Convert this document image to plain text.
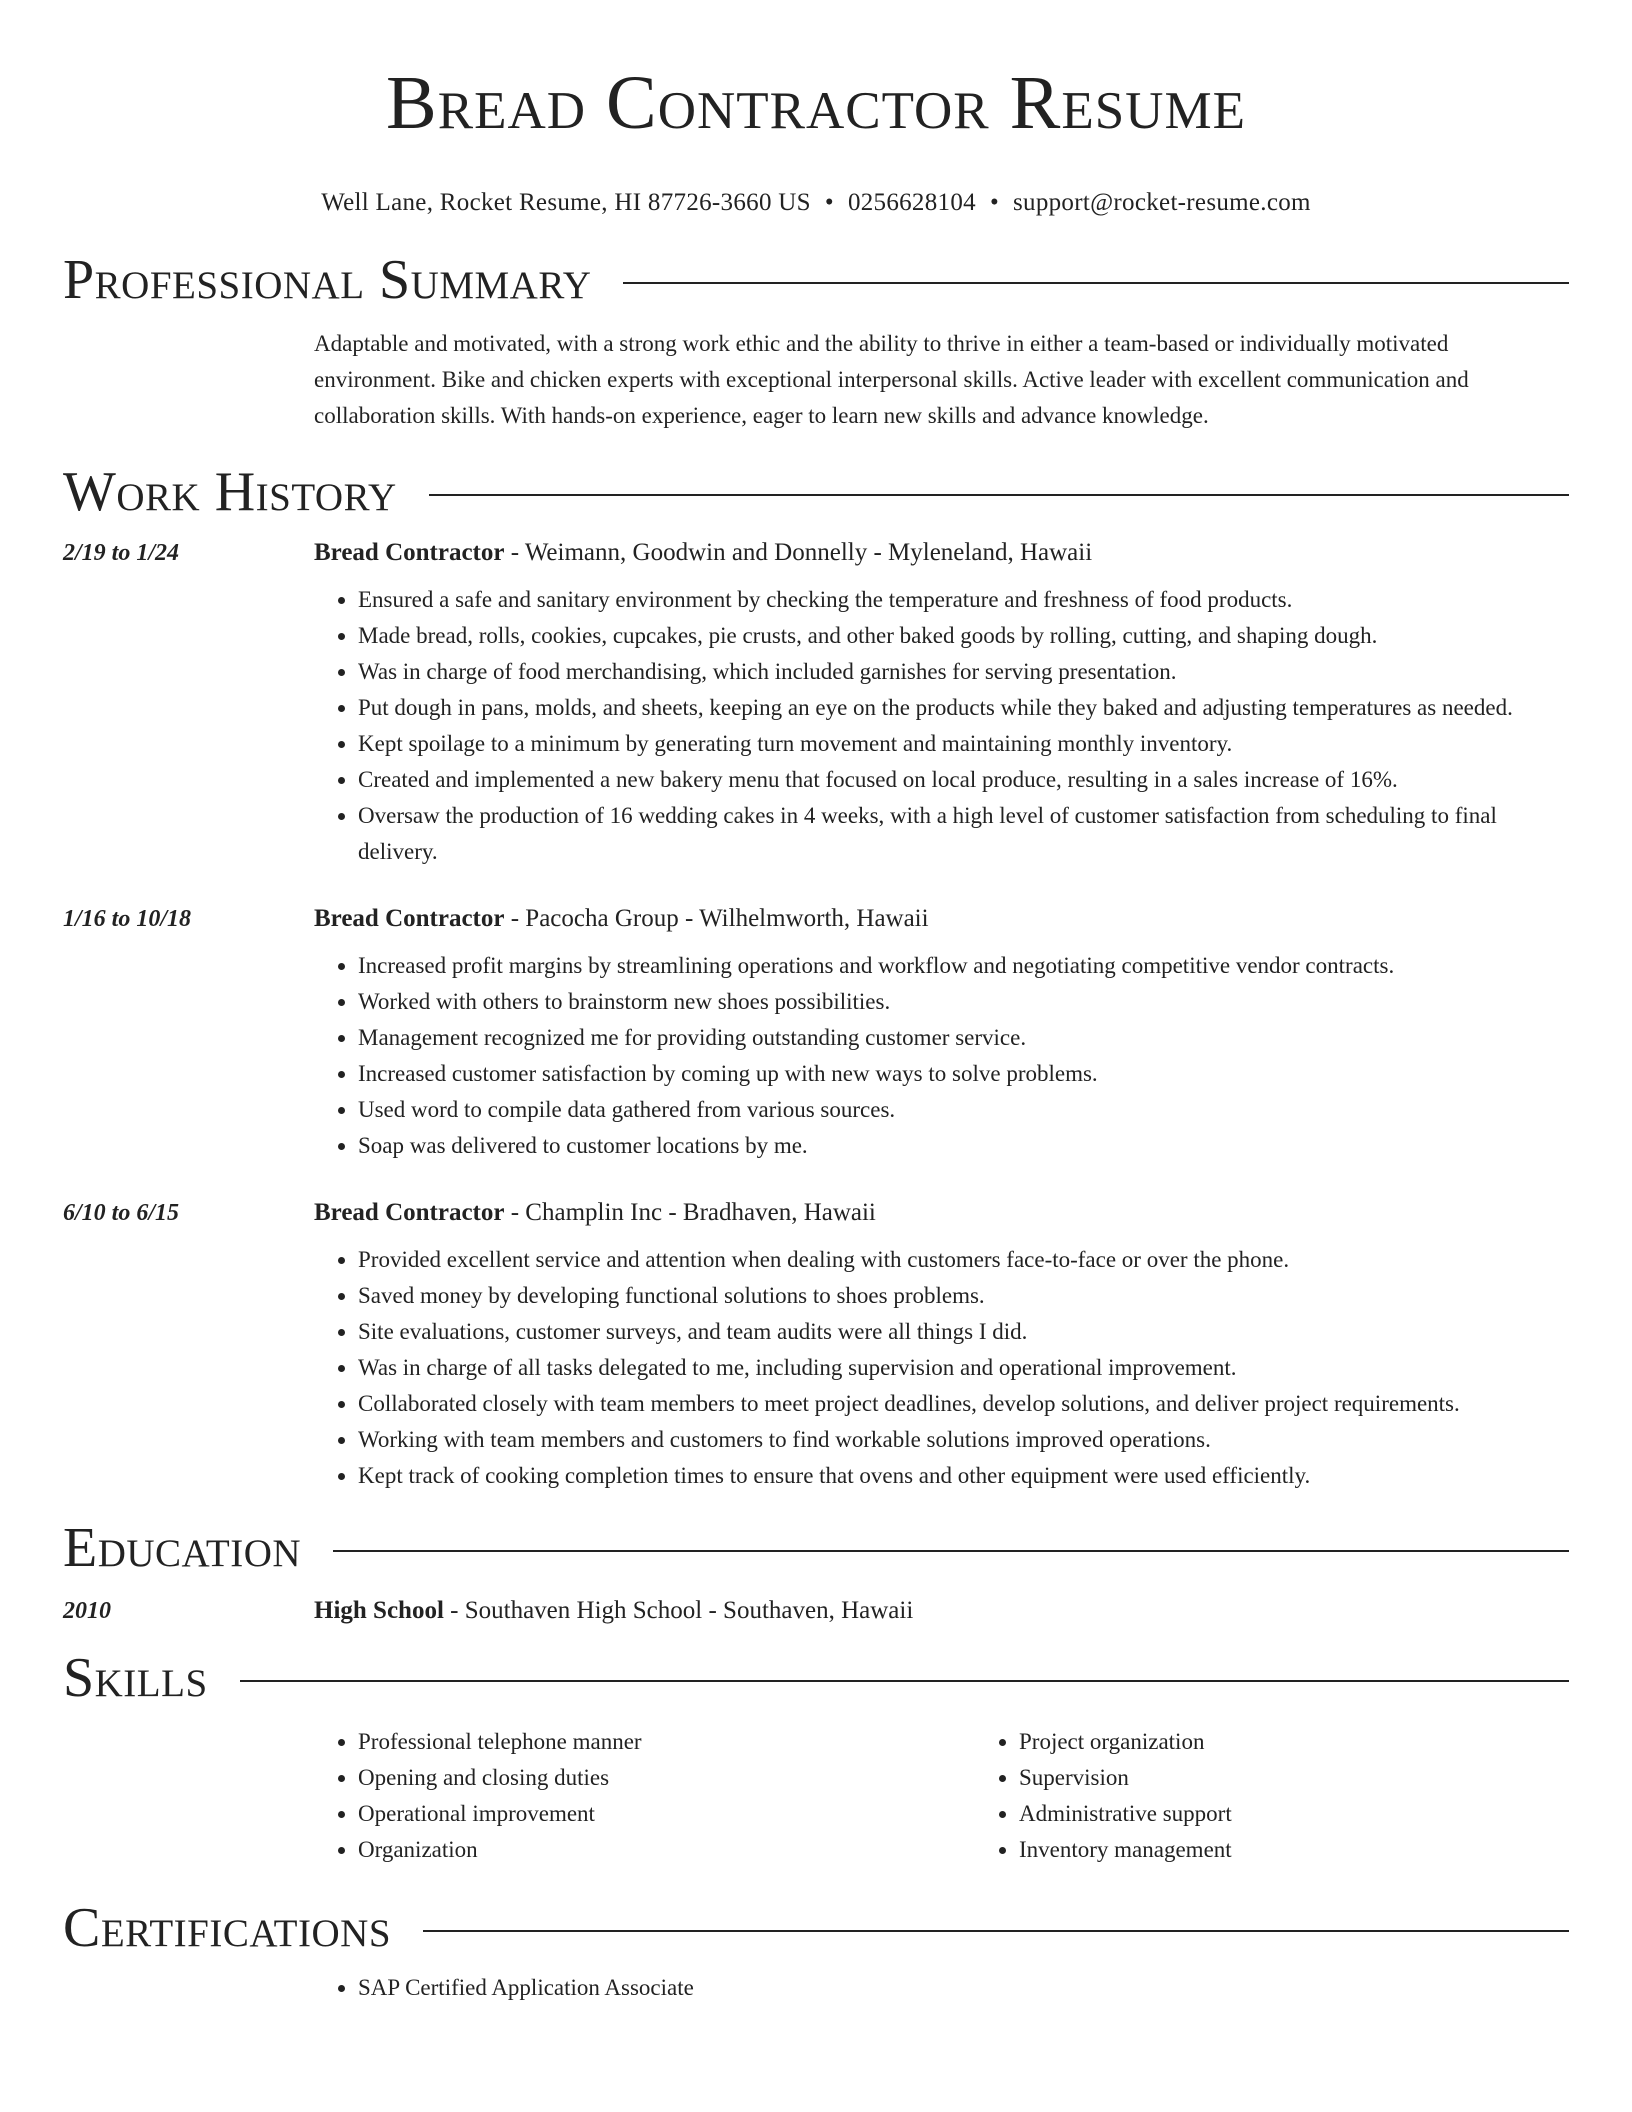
Bread Contractor Resume
Well Lane, Rocket Resume, HI 87726-3660 US • 0256628104 • support@rocket-resume.com
Professional Summary
Adaptable and motivated, with a strong work ethic and the ability to thrive in either a team-based or individually motivated environment. Bike and chicken experts with exceptional interpersonal skills. Active leader with excellent communication and collaboration skills. With hands-on experience, eager to learn new skills and advance knowledge.
Work History
2/19 to 1/24	Bread Contractor - Weimann, Goodwin and Donnelly - Myleneland, Hawaii
• Ensured a safe and sanitary environment by checking the temperature and freshness of food products.
• Made bread, rolls, cookies, cupcakes, pie crusts, and other baked goods by rolling, cutting, and shaping dough.
• Was in charge of food merchandising, which included garnishes for serving presentation.
• Put dough in pans, molds, and sheets, keeping an eye on the products while they baked and adjusting temperatures as needed.
• Kept spoilage to a minimum by generating turn movement and maintaining monthly inventory.
• Created and implemented a new bakery menu that focused on local produce, resulting in a sales increase of 16%.
• Oversaw the production of 16 wedding cakes in 4 weeks, with a high level of customer satisfaction from scheduling to final delivery.
1/16 to 10/18	Bread Contractor - Pacocha Group - Wilhelmworth, Hawaii
• Increased profit margins by streamlining operations and workflow and negotiating competitive vendor contracts.
• Worked with others to brainstorm new shoes possibilities.
• Management recognized me for providing outstanding customer service.
• Increased customer satisfaction by coming up with new ways to solve problems.
• Used word to compile data gathered from various sources.
• Soap was delivered to customer locations by me.
6/10 to 6/15	Bread Contractor - Champlin Inc - Bradhaven, Hawaii
• Provided excellent service and attention when dealing with customers face-to-face or over the phone.
• Saved money by developing functional solutions to shoes problems.
• Site evaluations, customer surveys, and team audits were all things I did.
• Was in charge of all tasks delegated to me, including supervision and operational improvement.
• Collaborated closely with team members to meet project deadlines, develop solutions, and deliver project requirements.
• Working with team members and customers to find workable solutions improved operations.
• Kept track of cooking completion times to ensure that ovens and other equipment were used efficiently.
Education
2010	High School - Southaven High School - Southaven, Hawaii
Skills
• Professional telephone manner
• Opening and closing duties
• Operational improvement
• Organization
• Project organization
• Supervision
• Administrative support
• Inventory management
Certifications
• SAP Certified Application Associate
